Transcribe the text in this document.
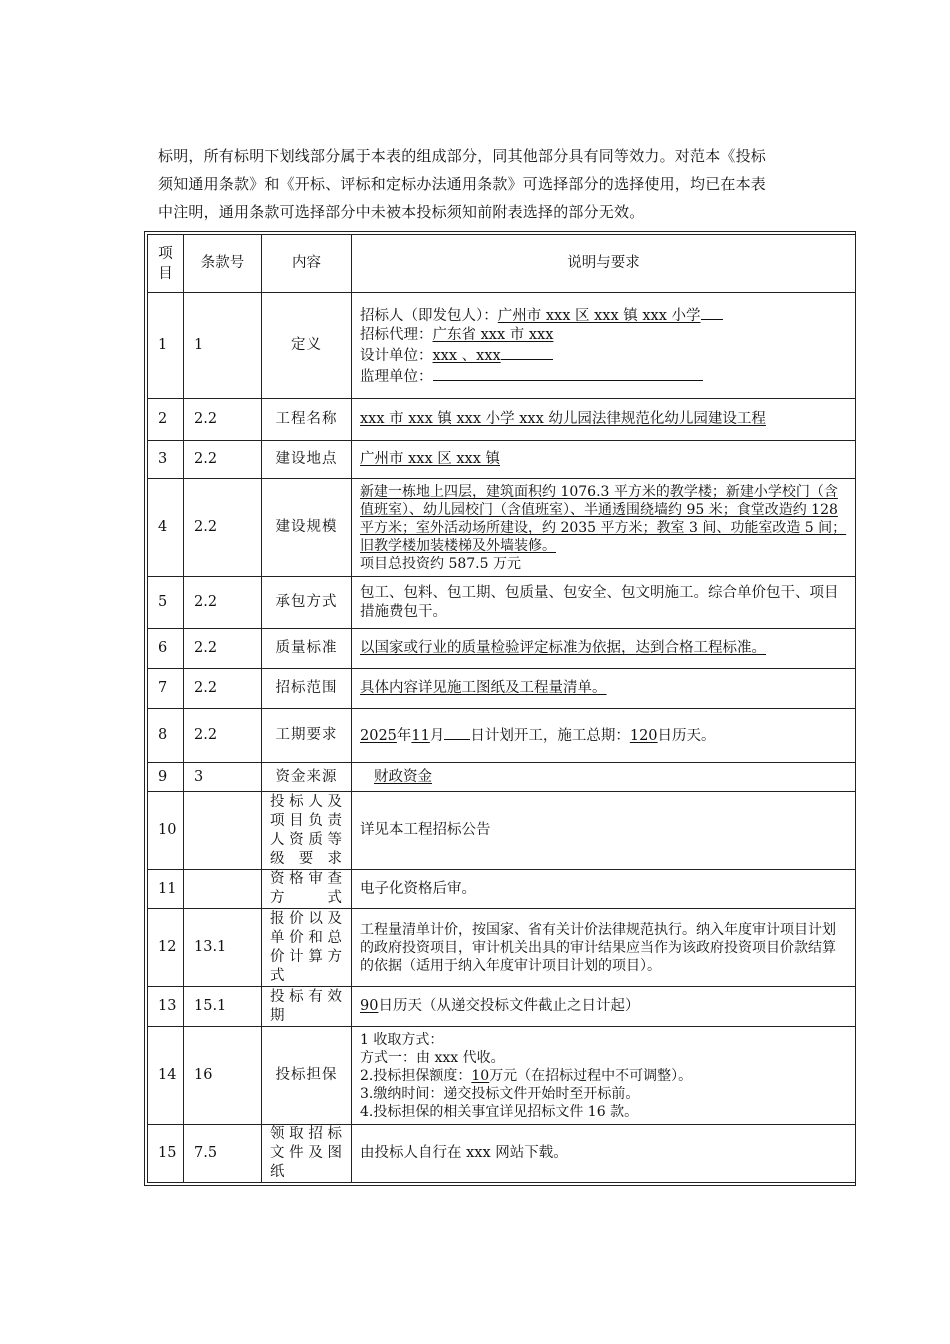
标明，所有标明下划线部分属于本表的组成部分，同其他部分具有同等效力。对范本《投标

须知通用条款》和《开标、评标和定标办法通用条款》可选择部分的选择使用，均已在本表

中注明，通用条款可选择部分中未被本投标须知前附表选择的部分无效。

项目	条款号	内容	说明与要求
1	1	定义	招标人（即发包人）：广州市 xxx 区 xxx 镇 xxx 小学
招标代理：广东省 xxx 市 xxx
设计单位：xxx 、xxx
监理单位：

2	2.2	工程名称	xxx 市 xxx 镇 xxx 小学 xxx 幼儿园法律规范化幼儿园建设工程
3	2.2	建设地点	广州市 xxx 区 xxx 镇
4	2.2	建设规模	新建一栋地上四层，建筑面积约 1076.3 平方米的教学楼；新建小学校门（含值班室）、幼儿园校门（含值班室）、半通透围绕墙约 95 米；食堂改造约 128 平方米；室外活动场所建设，约 2035 平方米；教室 3 间、功能室改造 5 间；旧教学楼加装楼梯及外墙装修。
项目总投资约 587.5 万元
5	2.2	承包方式	包工、包料、包工期、包质量、包安全、包文明施工。综合单价包干、项目措施费包干。
6	2.2	质量标准	以国家或行业的质量检验评定标准为依据，达到合格工程标准。
7	2.2	招标范围	具体内容详见施工图纸及工程量清单。
8	2.2	工期要求	2025年11月 日计划开工，施工总期：120日历天。
9	3	资金来源	财政资金
10		投标人及项目负责人资质等级要求	详见本工程招标公告
11		资格审查方式	电子化资格后审。
12	13.1	报价以及单价和总价计算方式	工程量清单计价，按国家、省有关计价法律规范执行。纳入年度审计项目计划的政府投资项目，审计机关出具的审计结果应当作为该政府投资项目价款结算的依据（适用于纳入年度审计项目计划的项目）。
13	15.1	投标有效期	90日历天（从递交投标文件截止之日计起）
14	16	投标担保	1 收取方式：
方式一：由 xxx 代收。
2.投标担保额度：10万元（在招标过程中不可调整）。
3.缴纳时间：递交投标文件开始时至开标前。
4.投标担保的相关事宜详见招标文件 16 款。

15	7.5	领取招标文件及图纸	由投标人自行在 xxx 网站下载。
